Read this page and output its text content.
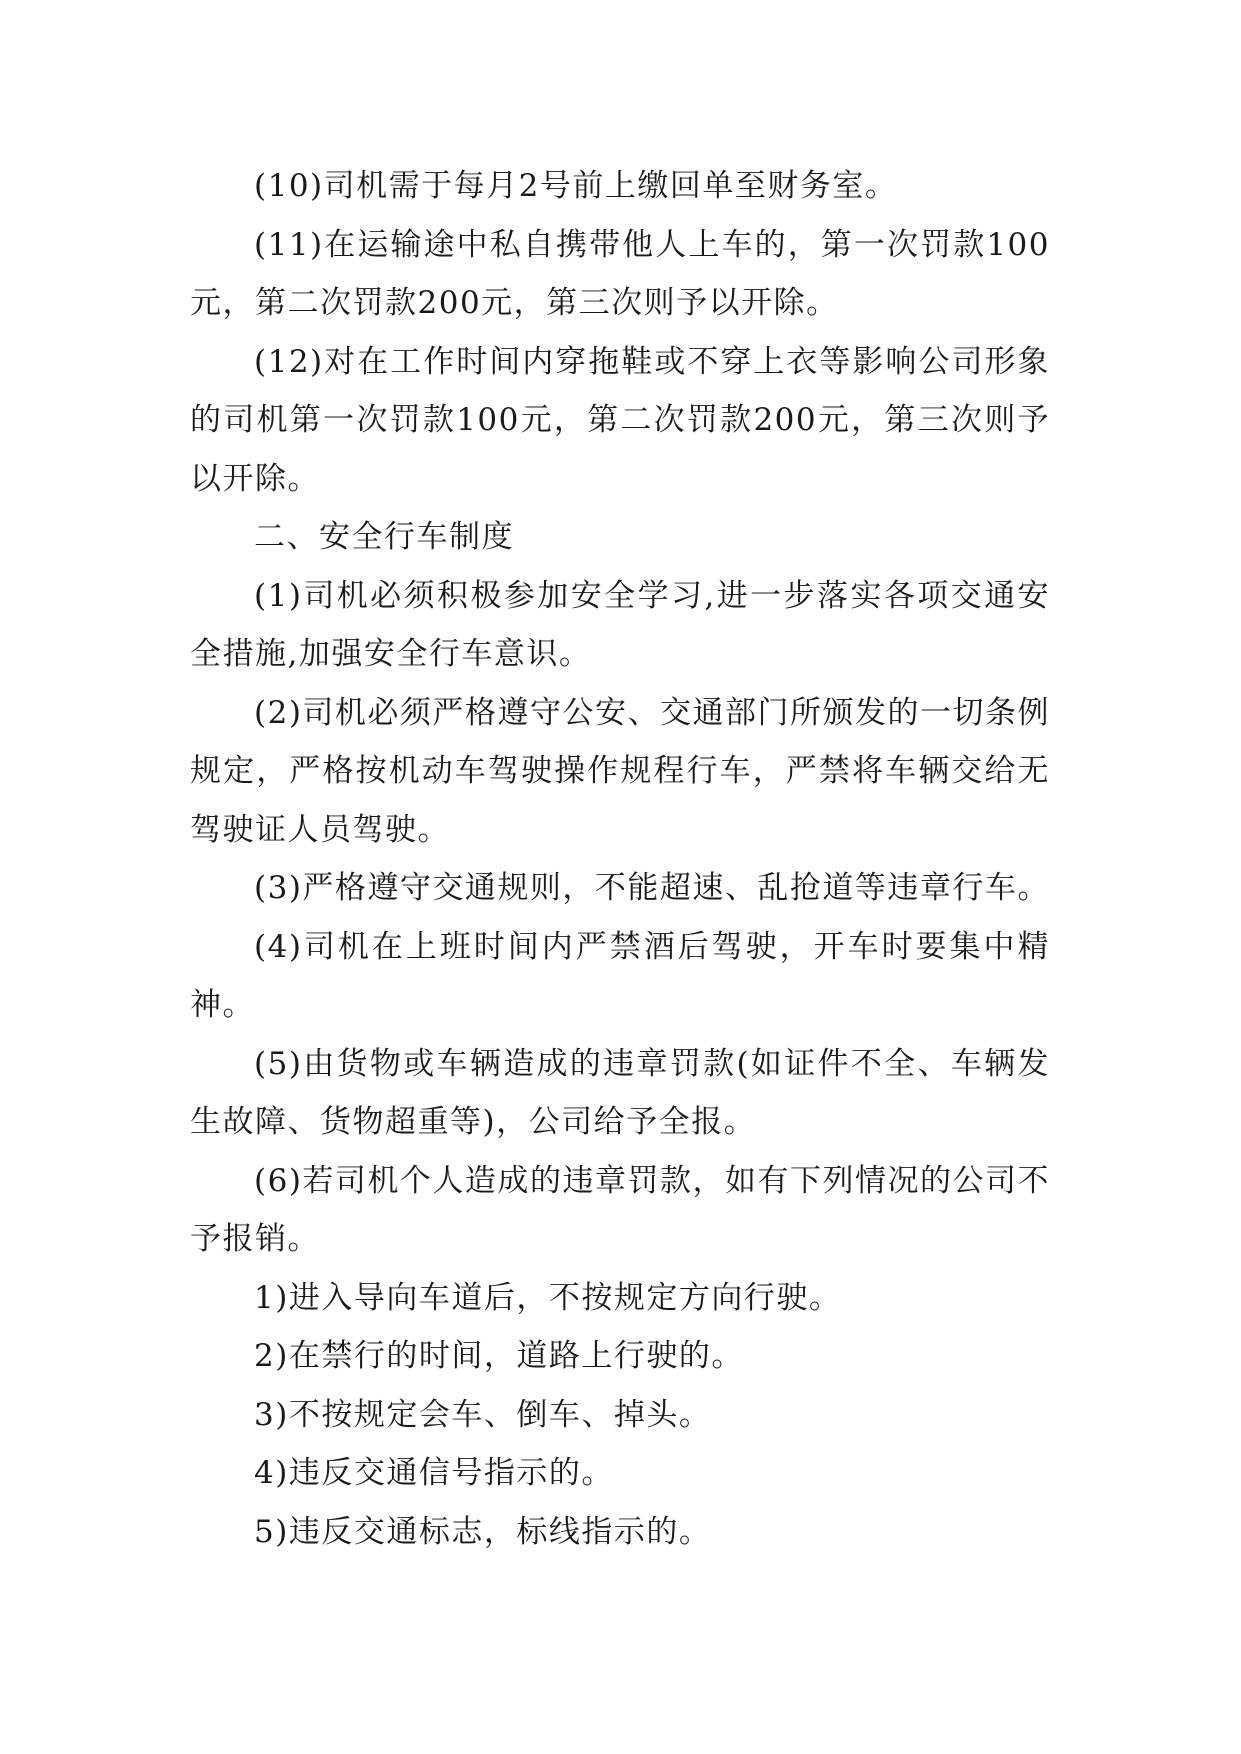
(10)司机需于每月2号前上缴回单至财务室。

(11)在运输途中私自携带他人上车的，第一次罚款100元，第二次罚款200元，第三次则予以开除。

(12)对在工作时间内穿拖鞋或不穿上衣等影响公司形象的司机第一次罚款100元，第二次罚款200元，第三次则予以开除。

二、安全行车制度

(1)司机必须积极参加安全学习,进一步落实各项交通安全措施,加强安全行车意识。

(2)司机必须严格遵守公安、交通部门所颁发的一切条例规定，严格按机动车驾驶操作规程行车，严禁将车辆交给无驾驶证人员驾驶。

(3)严格遵守交通规则，不能超速、乱抢道等违章行车。

(4)司机在上班时间内严禁酒后驾驶，开车时要集中精神。

(5)由货物或车辆造成的违章罚款(如证件不全、车辆发生故障、货物超重等)，公司给予全报。

(6)若司机个人造成的违章罚款，如有下列情况的公司不予报销。

1)进入导向车道后，不按规定方向行驶。

2)在禁行的时间，道路上行驶的。

3)不按规定会车、倒车、掉头。

4)违反交通信号指示的。

5)违反交通标志，标线指示的。
